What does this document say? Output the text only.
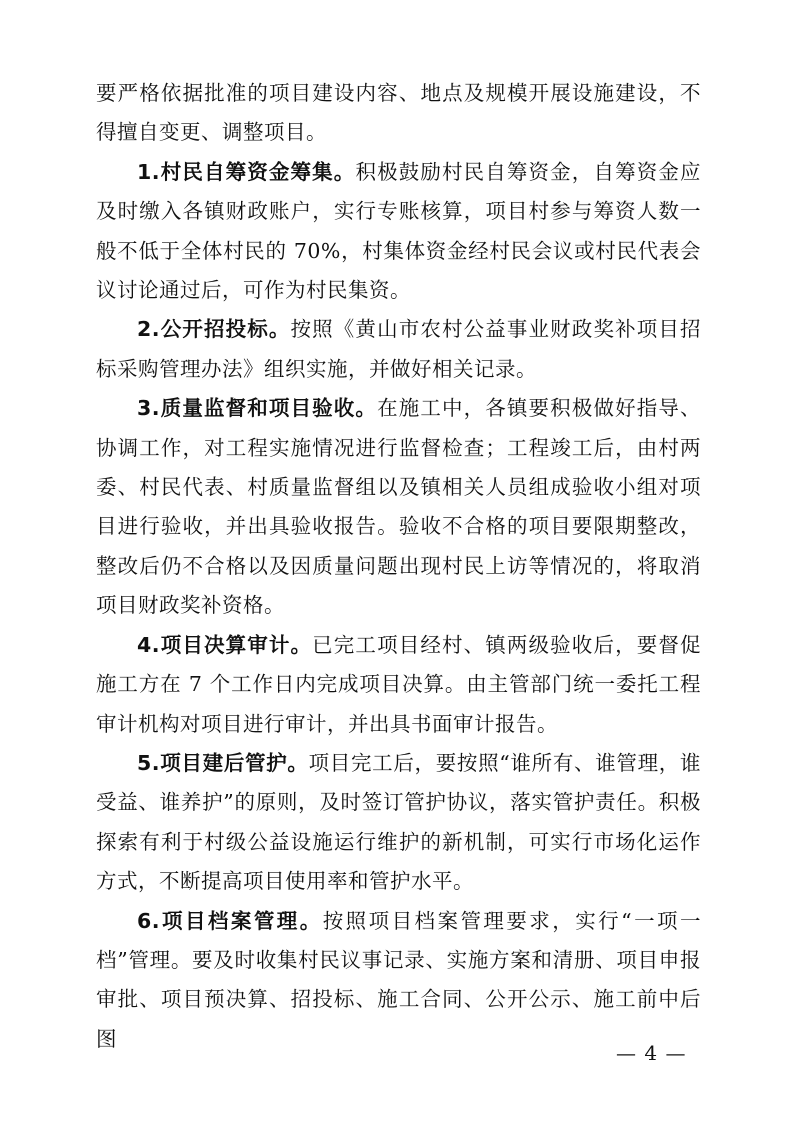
要严格依据批准的项目建设内容、地点及规模开展设施建设，不得擅自变更、调整项目。

1.村民自筹资金筹集。积极鼓励村民自筹资金，自筹资金应及时缴入各镇财政账户，实行专账核算，项目村参与筹资人数一般不低于全体村民的 70%，村集体资金经村民会议或村民代表会议讨论通过后，可作为村民集资。

2.公开招投标。按照《黄山市农村公益事业财政奖补项目招标采购管理办法》组织实施，并做好相关记录。

3.质量监督和项目验收。在施工中，各镇要积极做好指导、协调工作，对工程实施情况进行监督检查；工程竣工后，由村两委、村民代表、村质量监督组以及镇相关人员组成验收小组对项目进行验收，并出具验收报告。验收不合格的项目要限期整改，整改后仍不合格以及因质量问题出现村民上访等情况的，将取消项目财政奖补资格。

4.项目决算审计。已完工项目经村、镇两级验收后，要督促施工方在 7 个工作日内完成项目决算。由主管部门统一委托工程审计机构对项目进行审计，并出具书面审计报告。

5.项目建后管护。项目完工后，要按照“谁所有、谁管理，谁受益、谁养护”的原则，及时签订管护协议，落实管护责任。积极探索有利于村级公益设施运行维护的新机制，可实行市场化运作方式，不断提高项目使用率和管护水平。

6.项目档案管理。按照项目档案管理要求，实行“一项一档”管理。要及时收集村民议事记录、实施方案和清册、项目申报审批、项目预决算、招投标、施工合同、公开公示、施工前中后图

— 4 —
